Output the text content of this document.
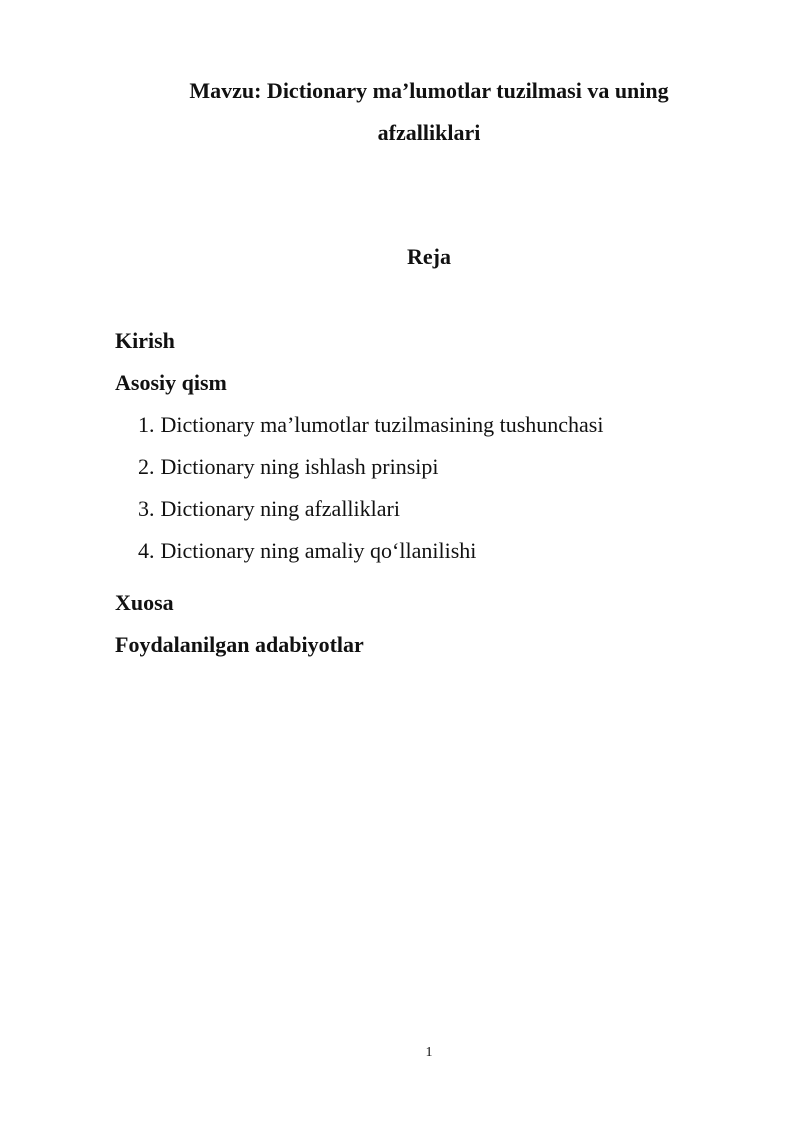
Mavzu: Dictionary ma’lumotlar tuzilmasi va uning
afzalliklari
Reja
Kirish
Asosiy qism
1. Dictionary ma’lumotlar tuzilmasining tushunchasi
2. Dictionary ning ishlash prinsipi
3. Dictionary ning afzalliklari
4. Dictionary ning amaliy qo‘llanilishi
Xuosa
Foydalanilgan adabiyotlar
1
